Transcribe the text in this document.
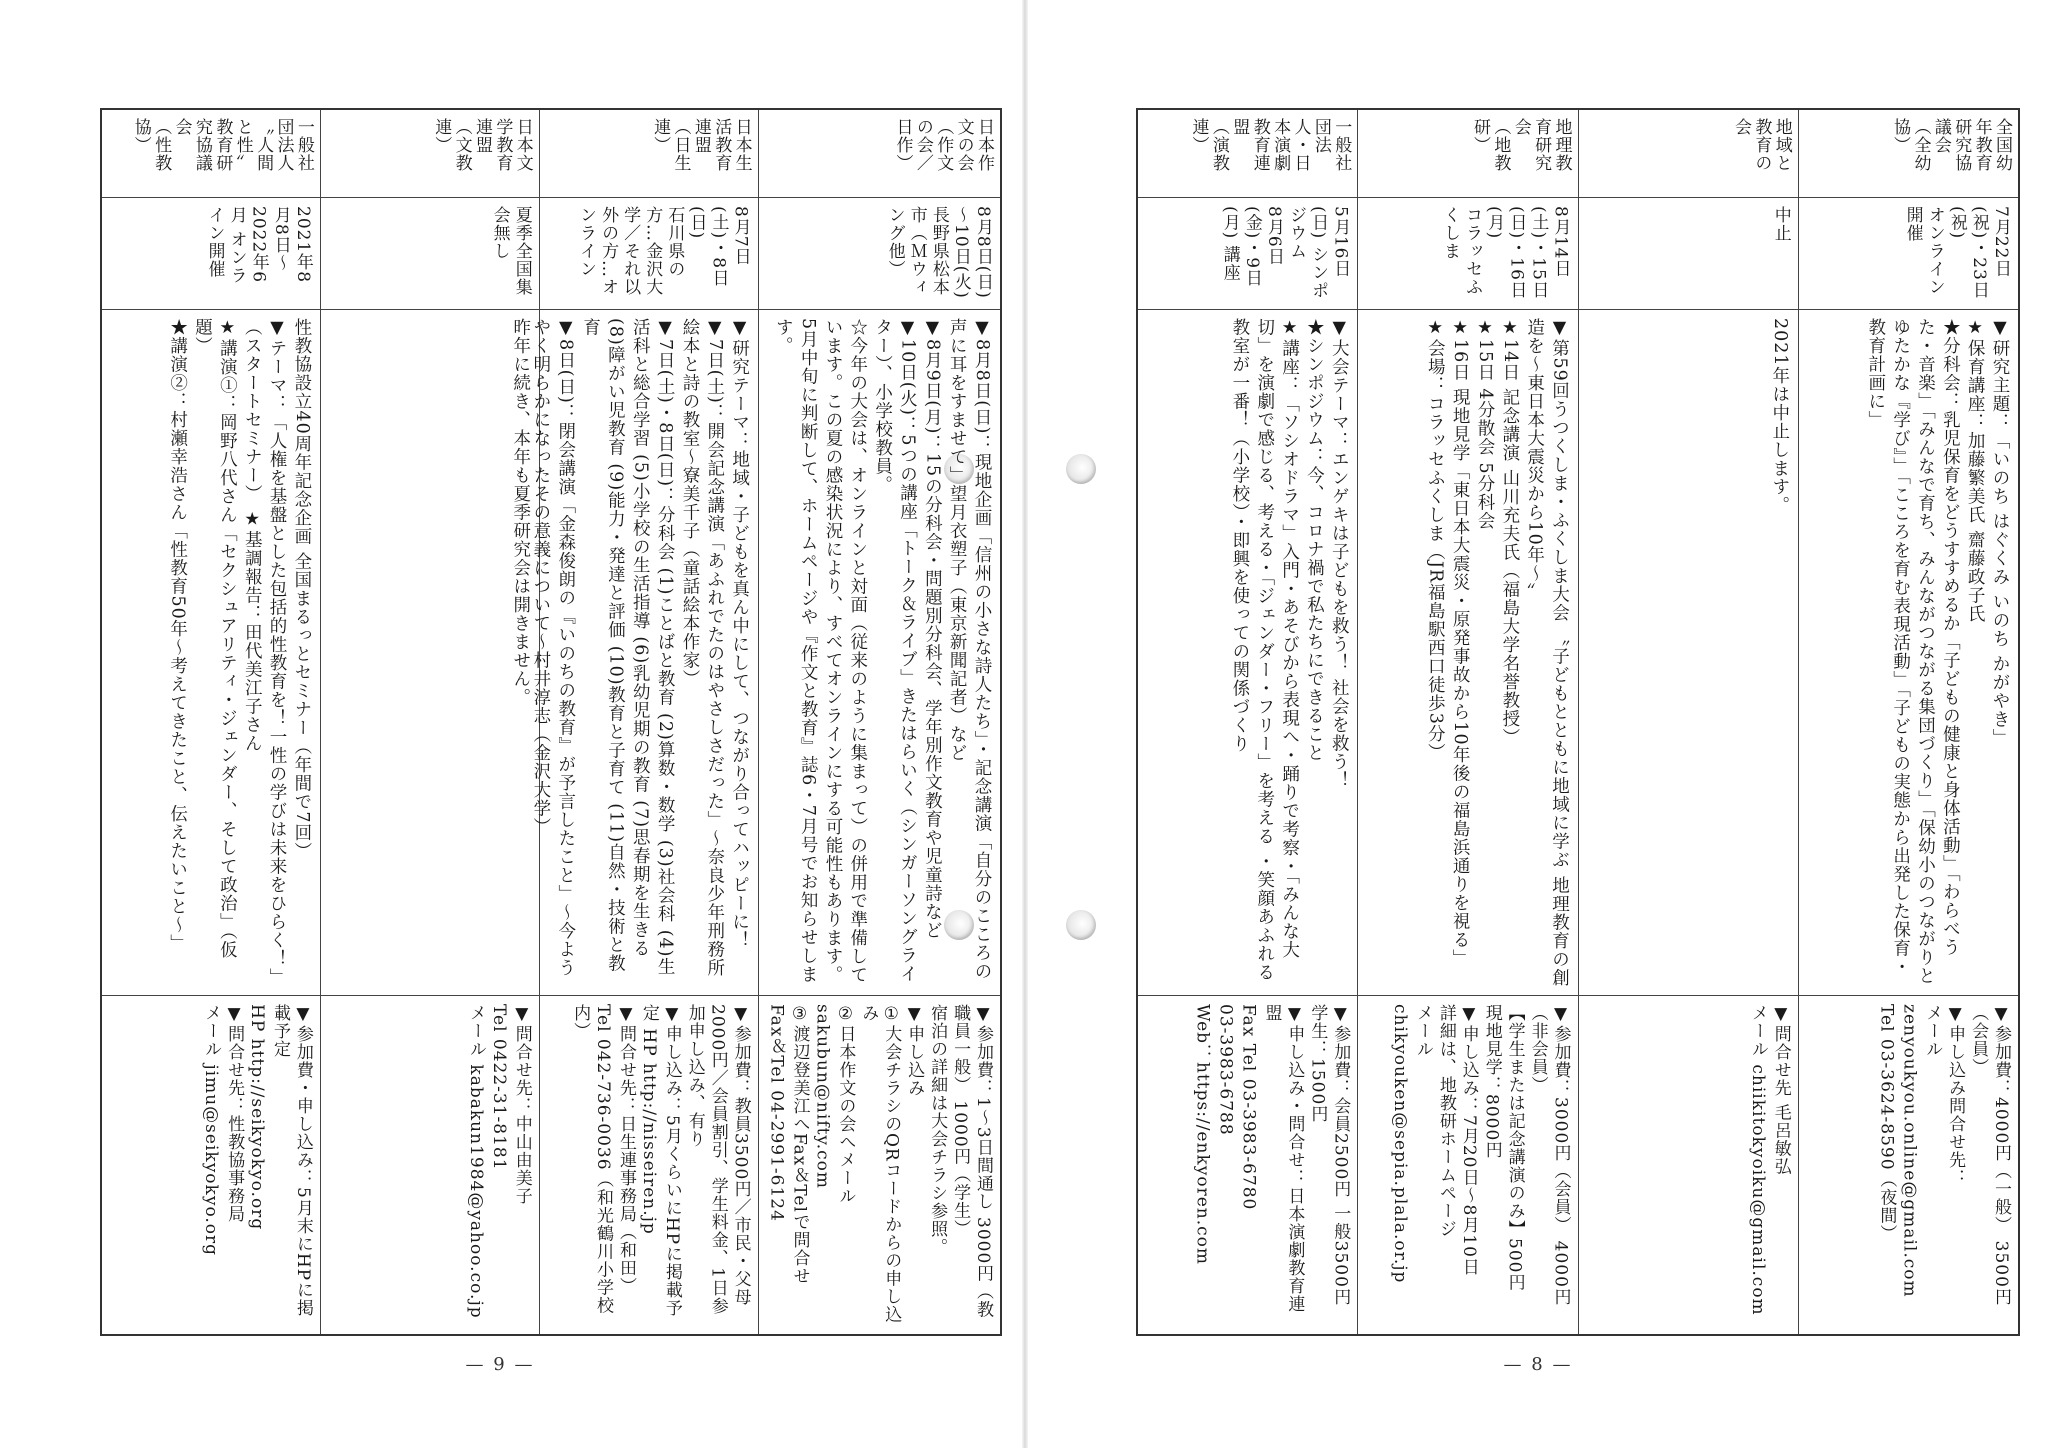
日本作文の会
（作文の会／日作）
8月8日(日)
〜10日(火)
長野県松本市（Ｍウィング他）
▼8月8日(日)：現地企画「信州の小さな詩人たち」・記念講演「自分のこころの声に耳をすませて」望月衣塑子（東京新聞記者）など
▼8月9日(月)：15の分科会・問題別分科会、学年別作文教育や児童詩など
▼10日(火)：5つの講座「トーク＆ライブ」きたはらいく（シンガーソングライター）、小学校教員。
☆今年の大会は、オンラインと対面（従来のように集まって）の併用で準備しています。この夏の感染状況により、すべてオンラインにする可能性もあります。5月中旬に判断して、ホームページや『作文と教育』誌6・7月号でお知らせします。
▼参加費：1〜3日間通し 3000円（教職員一般） 1000円（学生）
宿泊の詳細は大会チラシ参照。
▼申し込み
①大会チラシのQRコードからの申し込み
②日本作文の会へメール sakubun@nifty.com
③渡辺登美江へFax＆Telで問合せ
Fax＆Tel 04-2991-6124
日本生活教育連盟
（日生連）
8月7日(土)・8日(日)
石川県の方…金沢大学／それ以外の方…オンライン
▼研究テーマ：地域・子どもを真ん中にして、つながり合ってハッピーに！
▼7日(土)：開会記念講演「あふれでたのはやさしさだった」〜奈良少年刑務所絵本と詩の教室〜寮美千子（童話絵本作家）
▼7日(土)・8日(日)：分科会 (1)ことばと教育 (2)算数・数学 (3)社会科 (4)生活科と総合学習 (5)小学校の生活指導 (6)乳幼児期の教育 (7)思春期を生きる (8)障がい児教育 (9)能力・発達と評価 (10)教育と子育て (11)自然・技術と教育
▼8日(日)：閉会講演「金森俊朗の『いのちの教育』が予言したこと」〜今ようやく明らかになったその意義について〜村井淳志（金沢大学）
▼参加費：教員3500円／市民・父母2000円／会員割引、学生料金、1日参加申し込み、有り
▼申し込み：5月くらいにHPに掲載予定 HP http://nisseiren.jp
▼問合せ先：日生連事務局（和田）
Tel 042-736-0036（和光鶴川小学校内）
日本文学教育連盟
（文教連）
夏季全国集会無し
昨年に続き、本年も夏季研究会は開きません。
▼問合せ先：中山由美子
Tel 0422-31-8181
メール kabakun1984@yahoo.co.jp
一般社団法人〝人間と性〟教育研究協議会
（性教協）
2021年8月8日〜2022年6月 オンライン開催
性教協設立40周年記念企画 全国まるっとセミナー（年間で7回）
▼テーマ：「人権を基盤とした包括的性教育を！一性の学びは未来をひらく！」（スタートセミナー） ★基調報告：田代美江子さん
★講演①：岡野八代さん「セクシュアリティ・ジェンダー、そして政治」（仮題）
★講演②：村瀬幸浩さん「性教育50年〜考えてきたこと、伝えたいこと〜」
▼参加費・申し込み：5月末にHPに掲載予定
HP http://seikyokyo.org
▼問合せ先：性教協事務局
メール jimu@seikyokyo.org
— 9 —
全国幼年教育研究協議会
（全幼協）
7月22日(祝)・23日(祝)
オンライン開催
▼研究主題：「いのち はぐくみ いのち かがやき」
★保育講座：加藤繁美氏 齋藤政子氏
★分科会：乳児保育をどうすすめるか「子どもの健康と身体活動」「わらべうた・音楽」「みんなで育ち、みんながつながる集団づくり」「保幼小のつながりとゆたかな『学び』」「こころを育む表現活動」「子どもの実態から出発した保育・教育計画に」
▼参加費：4000円（一般） 3500円（会員）
▼申し込み問合せ先：
メール zenyoukyou.online@gmail.com
Tel 03-3624-8590（夜間）
地域と教育の会
中止
2021年は中止します。
▼問合せ先 毛呂敏弘
メール chiikitokyoiku@gmail.com
地理教育研究会
（地教研）
8月14日(土)・15日(日)・16日(月)
コラッセふくしま
▼第59回うつくしま・ふくしま大会 〝子どもとともに地域に学ぶ 地理教育の創造を〜東日本大震災から10年〜〟
★14日 記念講演 山川充夫氏（福島大学名誉教授）
★15日 4分散会 5分科会
★16日 現地見学「東日本大震災・原発事故から10年後の福島浜通りを視る」
★会場：コラッセふくしま（JR福島駅西口徒歩3分）
▼参加費：3000円（会員） 4000円（非会員）
【学生または記念講演のみ】500円
現地見学：8000円
▼申し込み：7月20日〜8月10日
詳細は、地教研ホームページ
メール chikyouken@sepia.plala.or.jp
一般社団法人・日本演劇教育連盟
（演教連）
5月16日(日) シンポジウム
8月6日(金)・9日(月) 講座
▼大会テーマ：エンゲキは子どもを救う！ 社会を救う！
★シンポジウム：今、コロナ禍で私たちにできること
★講座：「ソシオドラマ」入門・あそびから表現へ・踊りで考察・「みんな大切」を演劇で感じる、考える・「ジェンダー・フリー」を考える ・笑顔あふれる教室が一番！（小学校）・即興を使っての関係づくり
▼参加費：会員2500円 一般3500円 学生：1500円
▼申し込み・問合せ：日本演劇教育連盟
Fax Tel 03-3983-6780
03-3983-6788
Web：https://enkyoren.com
— 8 —
